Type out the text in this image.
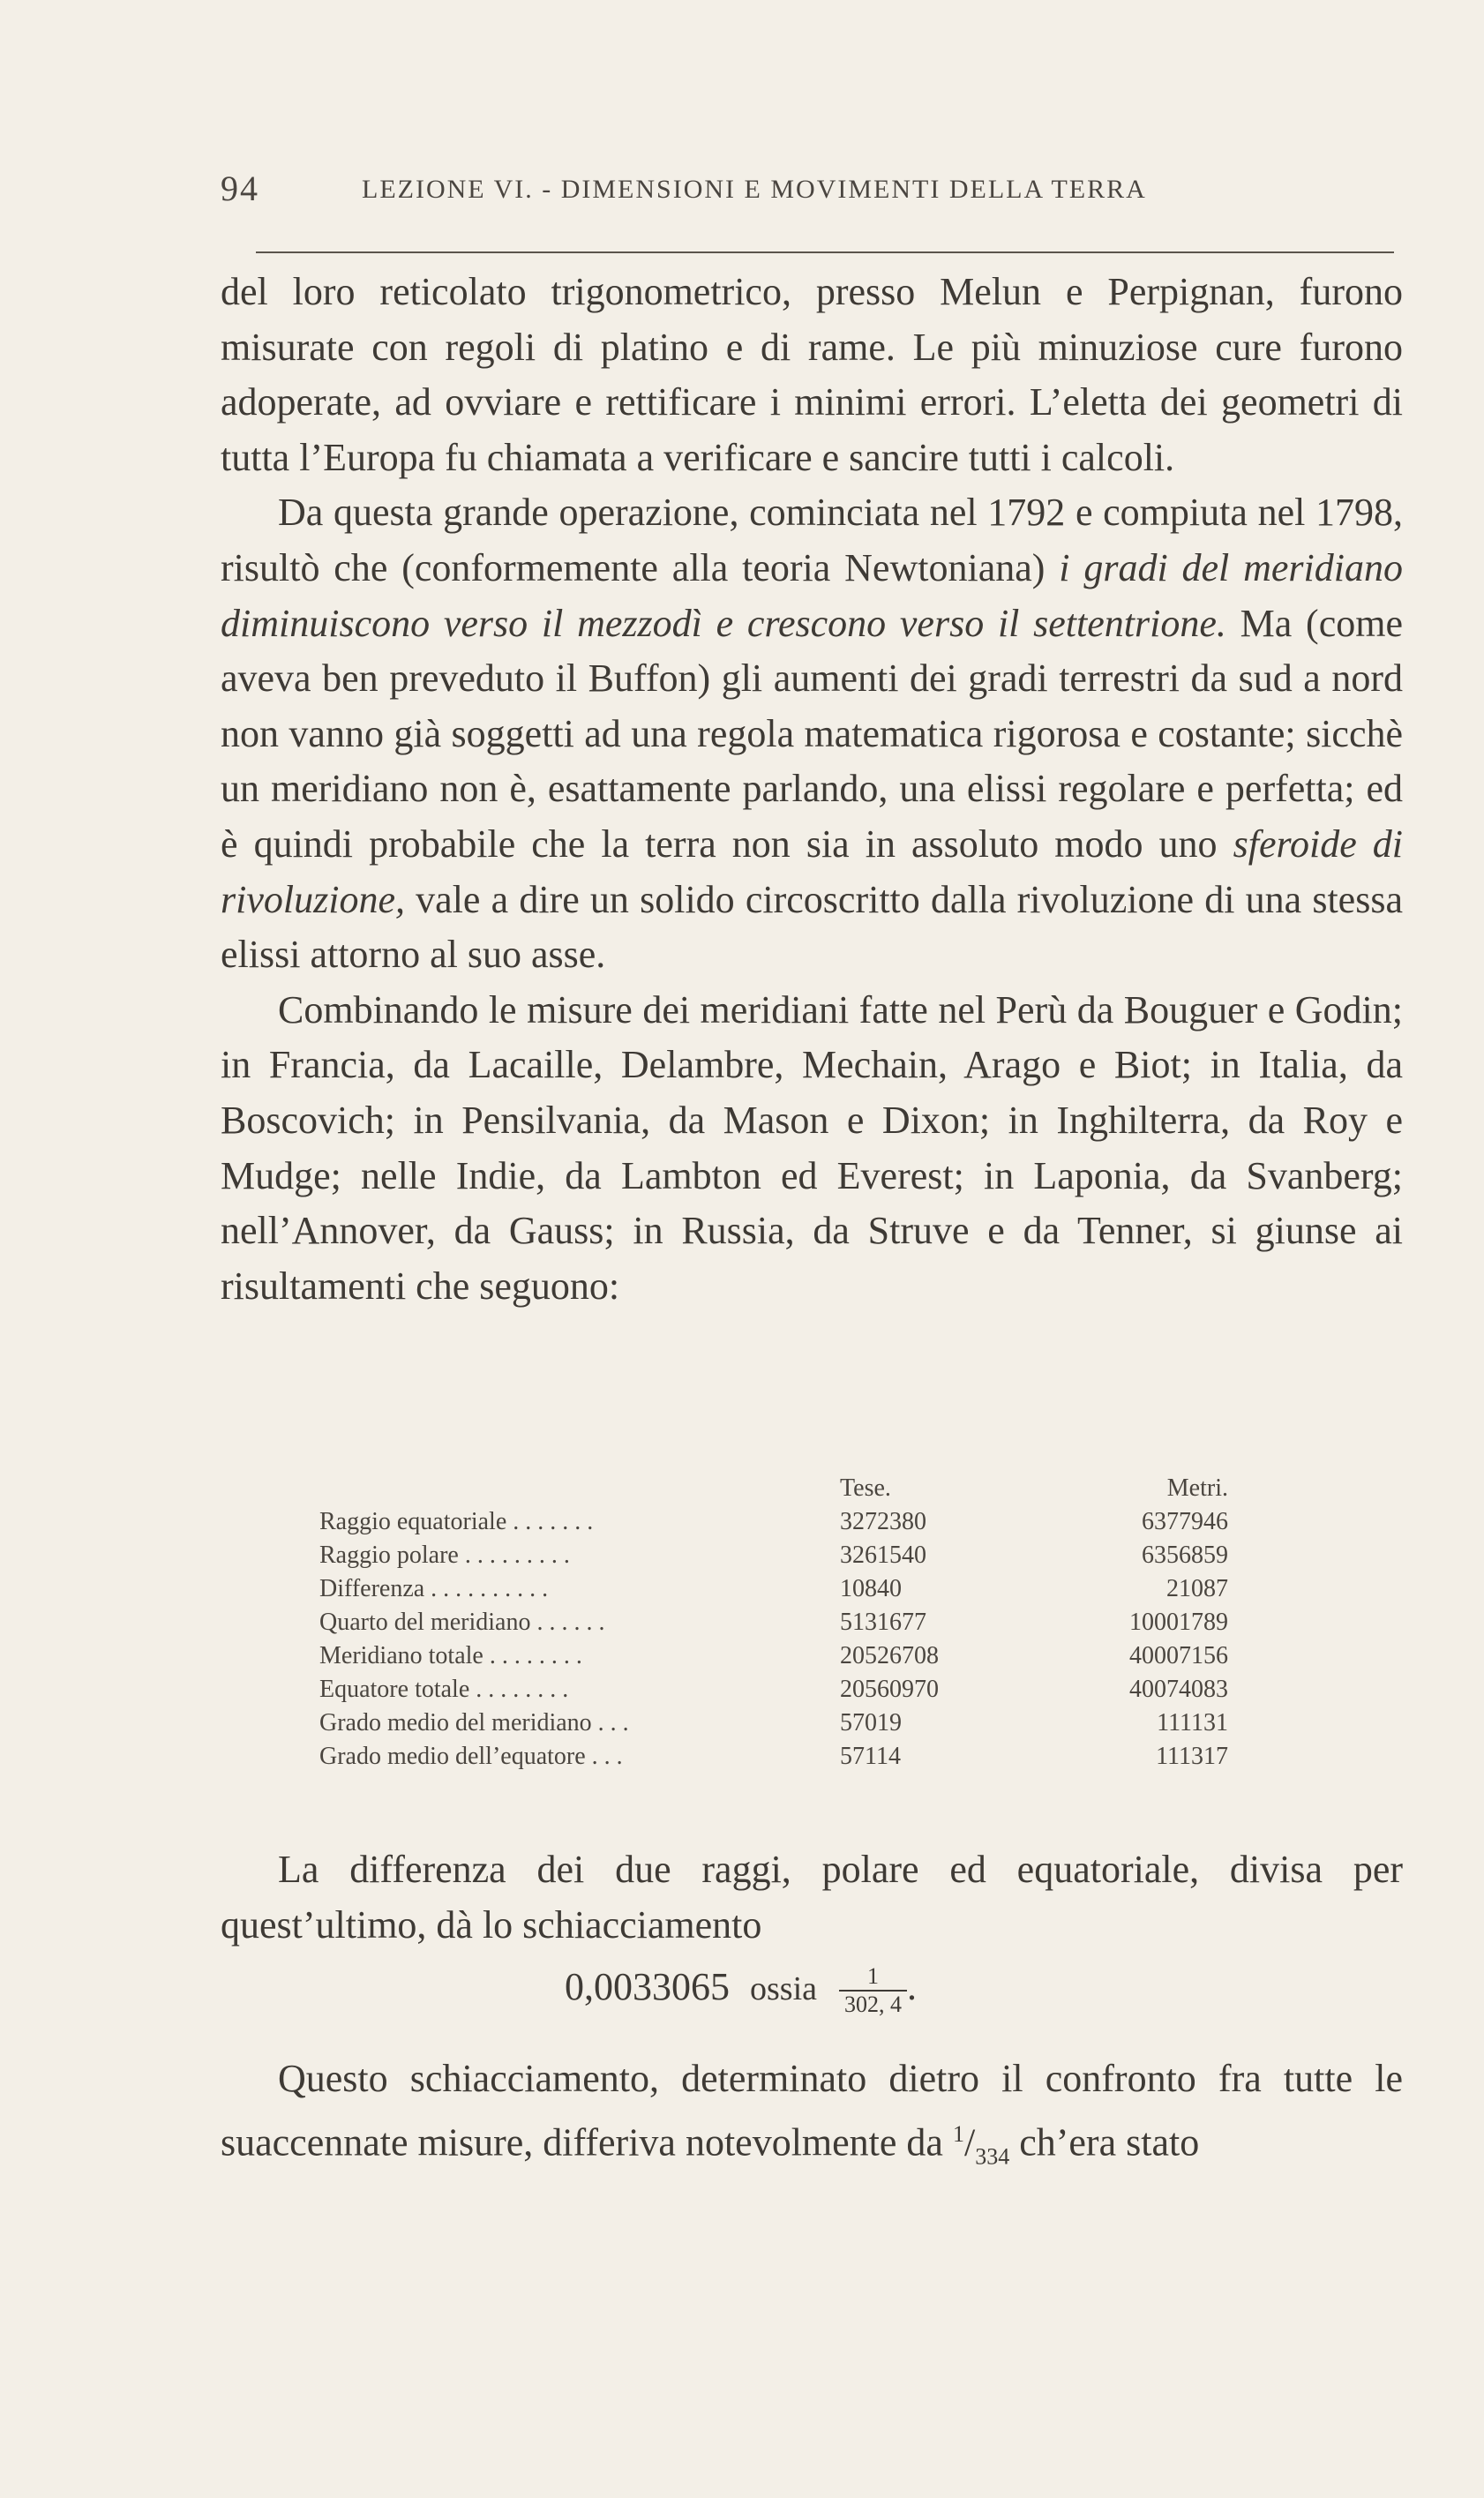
94	LEZIONE VI. - DIMENSIONI E MOVIMENTI DELLA TERRA

del loro reticolato trigonometrico, presso Melun e Perpignan, furono misurate con regoli di platino e di rame. Le più minuziose cure furono adoperate, ad ovviare e rettificare i minimi errori. L’eletta dei geometri di tutta l’Europa fu chiamata a verificare e sancire tutti i calcoli.

Da questa grande operazione, cominciata nel 1792 e compiuta nel 1798, risultò che (conformemente alla teoria Newtoniana) i gradi del meridiano diminuiscono verso il mezzodì e crescono verso il settentrione. Ma (come aveva ben preveduto il Buffon) gli aumenti dei gradi terrestri da sud a nord non vanno già soggetti ad una regola matematica rigorosa e costante; sicchè un meridiano non è, esattamente parlando, una elissi regolare e perfetta; ed è quindi probabile che la terra non sia in assoluto modo uno sferoide di rivoluzione, vale a dire un solido circoscritto dalla rivoluzione di una stessa elissi attorno al suo asse.

Combinando le misure dei meridiani fatte nel Perù da Bouguer e Godin; in Francia, da Lacaille, Delambre, Mechain, Arago e Biot; in Italia, da Boscovich; in Pensilvania, da Mason e Dixon; in Inghilterra, da Roy e Mudge; nelle Indie, da Lambton ed Everest; in Laponia, da Svanberg; nell’Annover, da Gauss; in Russia, da Struve e da Tenner, si giunse ai risultamenti che seguono:

	Tese.	Metri.
Raggio equatoriale . . . . . . .	3272380	6377946
Raggio polare . . . . . . . . .	3261540	6356859
Differenza . . . . . . . . . .	10840	21087
Quarto del meridiano . . . . . .	5131677	10001789
Meridiano totale . . . . . . . .	20526708	40007156
Equatore totale . . . . . . . .	20560970	40074083
Grado medio del meridiano . . .	57019	111131
Grado medio dell’equatore . . .	57114	111317

La differenza dei due raggi, polare ed equatoriale, divisa per quest’ultimo, dà lo schiacciamento

0,0033065 ossia $\frac{1}{302, 4}$ .

Questo schiacciamento, determinato dietro il confronto fra tutte le suaccennate misure, differiva notevolmente da $^1/_{334}$ ch’era stato
